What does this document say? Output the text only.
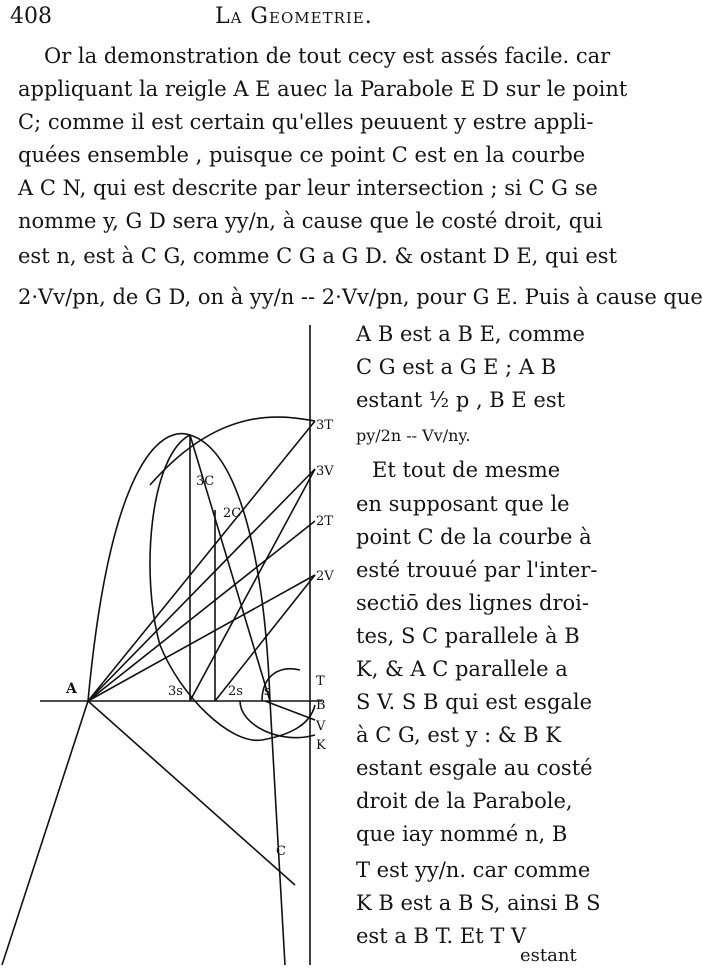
408	La Geometrie.
Or la demonstration de tout cecy est assés facile. car
appliquant la reigle A E auec la Parabole E D sur le point
C; comme il est certain qu'elles peuuent y estre appli-
quées ensemble , puisque ce point C est en la courbe
A C N, qui est descrite par leur intersection ; si C G se
nomme y, G D sera yy/n, à cause que le costé droit, qui
est n, est à C G, comme C G a G D. & ostant D E, qui est
2·Vv/pn, de G D, on à yy/n -- 2·Vv/pn, pour G E. Puis à cause que
A B est a B E, comme
C G est a G E ; A B
estant ½ p , B E est
py/2n -- Vv/ny.
Et tout de mesme
en supposant que le
point C de la courbe à
esté trouué par l'inter-
sectiō des lignes droi-
tes, S C parallele à B
K, & A C parallele a
S V. S B qui est esgale
à C G, est y : & B K
estant esgale au costé
droit de la Parabole,
que iay nommé n, B
T est yy/n. car comme
K B est a B S, ainsi B S
est a B T. Et T V
estant
A
B
T
V
K
C
s
2s
3s
2C
3C
3T
3V
2T
2V
